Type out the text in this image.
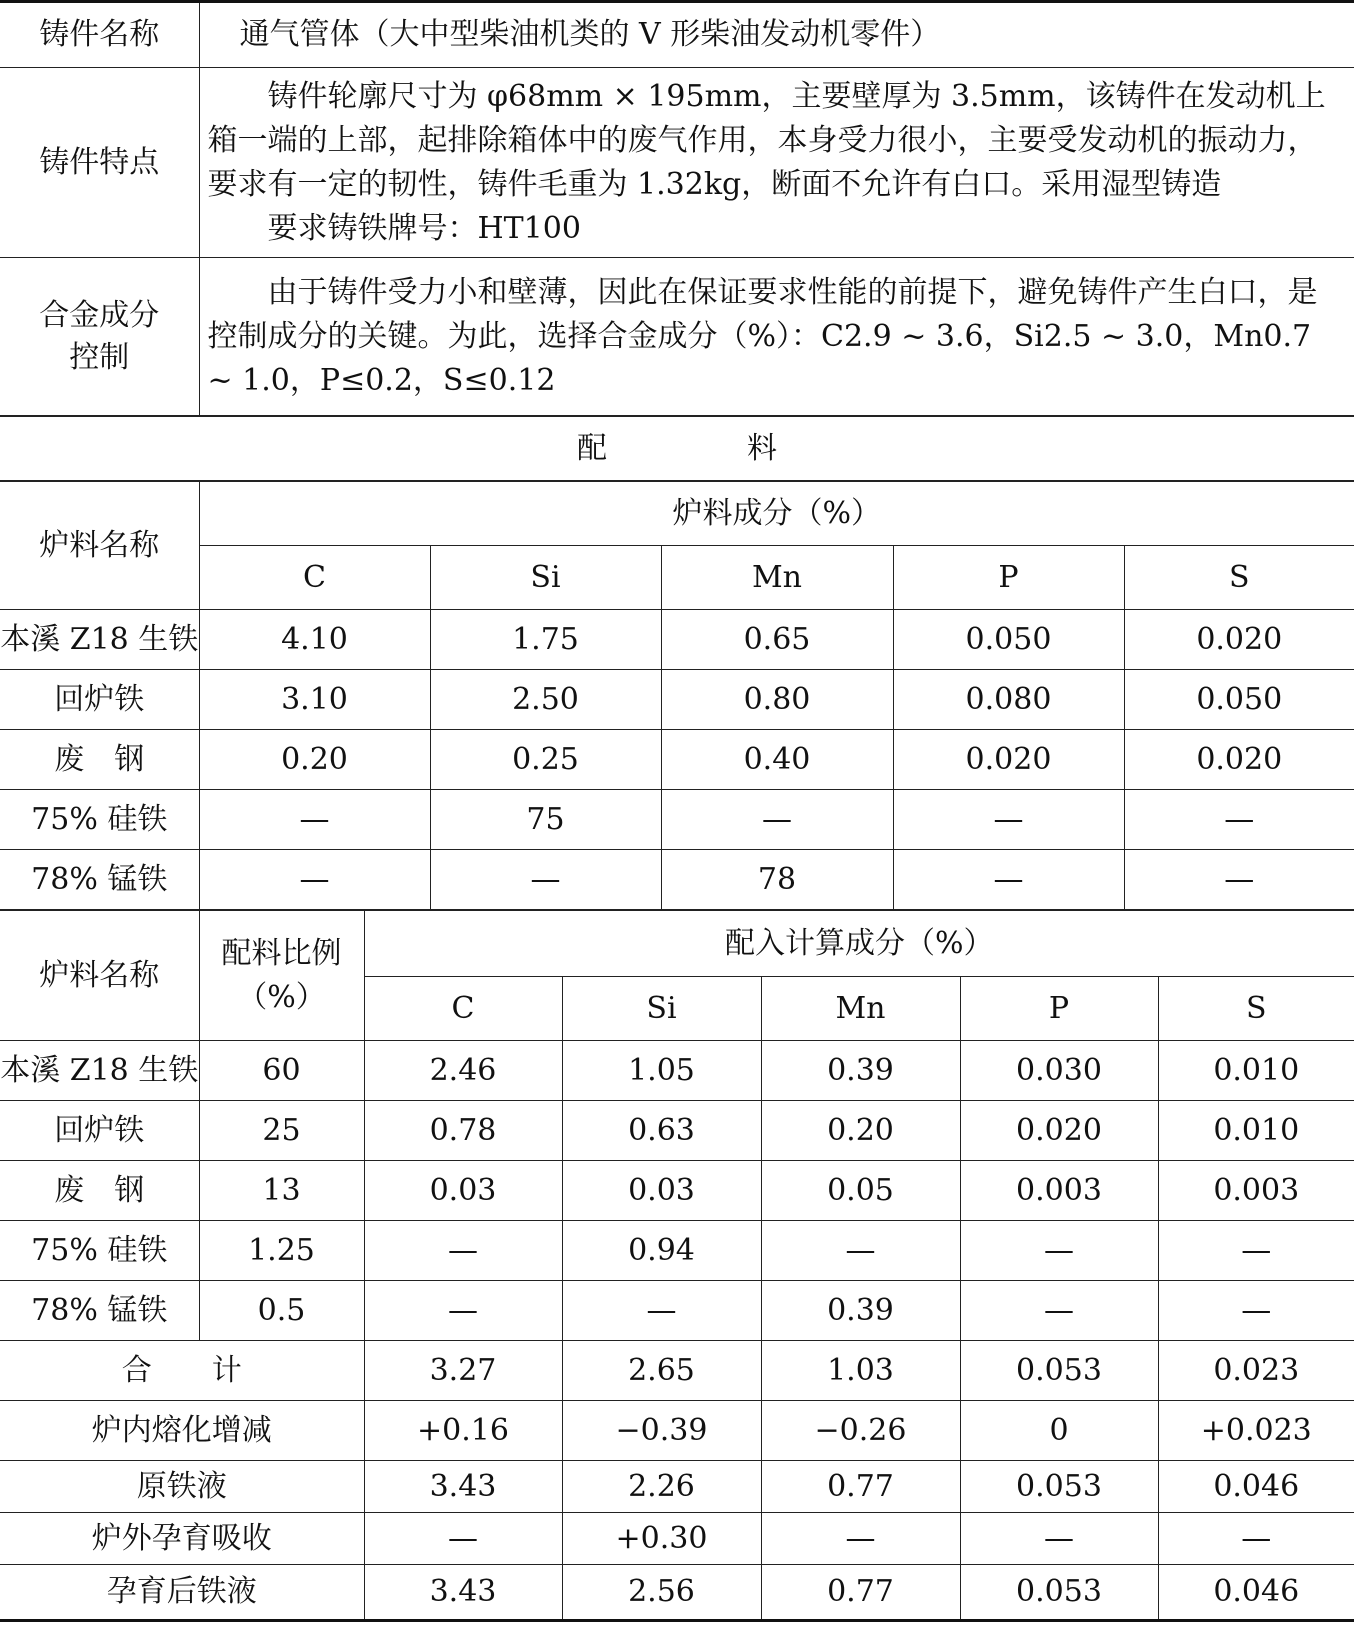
铸件名称	通气管体（大中型柴油机类的 V 形柴油发动机零件）
铸件特点	铸件轮廓尺寸为 φ68mm × 195mm，主要壁厚为 3.5mm，该铸件在发动机上箱一端的上部，起排除箱体中的废气作用，本身受力很小，主要受发动机的振动力，要求有一定的韧性，铸件毛重为 1.32kg，断面不允许有白口。采用湿型铸造

要求铸铁牌号：HT100

合金成分控制	由于铸件受力小和壁薄，因此在保证要求性能的前提下，避免铸件产生白口，是控制成分的关键。为此，选择合金成分（%）：C2.9 ~ 3.6，Si2.5 ~ 3.0，Mn0.7 ~ 1.0，P≤0.2，S≤0.12

配	料
炉料名称	炉料成分（%）				
	C	Si	Mn	P	S
本溪 Z18 生铁	4.10	1.75	0.65	0.050	0.020
回炉铁	3.10	2.50	0.80	0.080	0.050
废　钢	0.20	0.25	0.40	0.020	0.020
75% 硅铁	—	75	—	—	—
78% 锰铁	—	—	78	—	—
炉料名称	配料比例
（%）	配入计算成分（%）				
		C	Si	Mn	P	S
本溪 Z18 生铁	60	2.46	1.05	0.39	0.030	0.010
回炉铁	25	0.78	0.63	0.20	0.020	0.010
废　钢	13	0.03	0.03	0.05	0.003	0.003
75% 硅铁	1.25	—	0.94	—	—	—
78% 锰铁	0.5	—	—	0.39	—	—
合　　计		3.27	2.65	1.03	0.053	0.023
炉内熔化增减		+0.16	−0.39	−0.26	0	+0.023
原铁液		3.43	2.26	0.77	0.053	0.046
炉外孕育吸收		—	+0.30	—	—	—
孕育后铁液		3.43	2.56	0.77	0.053	0.046
